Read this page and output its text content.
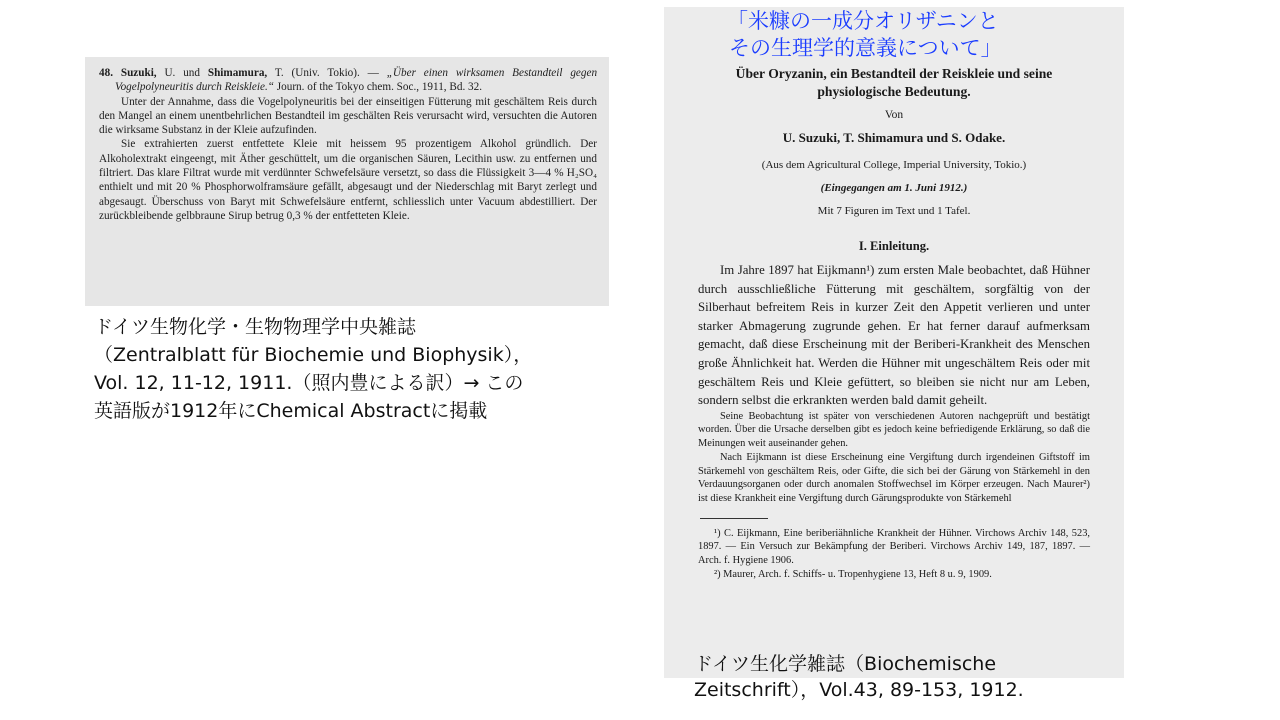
48. Suzuki, U. und Shimamura, T. (Univ. Tokio). — „Über einen wirksamen Bestandteil gegen Vogelpolyneuritis durch Reiskleie.“ Journ. of the Tokyo chem. Soc., 1911, Bd. 32.

Unter der Annahme, dass die Vogelpolyneuritis bei der einseitigen Fütterung mit geschältem Reis durch den Mangel an einem unentbehrlichen Bestandteil im geschälten Reis verursacht wird, versuchten die Autoren die wirksame Substanz in der Kleie aufzufinden.

Sie extrahierten zuerst entfettete Kleie mit heissem 95 prozentigem Alkohol gründlich. Der Alkoholextrakt eingeengt, mit Äther geschüttelt, um die organischen Säuren, Lecithin usw. zu entfernen und filtriert. Das klare Filtrat wurde mit verdünnter Schwefelsäure versetzt, so dass die Flüssigkeit 3—4 % H₂SO₄ enthielt und mit 20 % Phosphorwolframsäure gefällt, abgesaugt und der Niederschlag mit Baryt zerlegt und abgesaugt. Überschuss von Baryt mit Schwefelsäure entfernt, schliesslich unter Vacuum abdestilliert. Der zurückbleibende gelbbraune Sirup betrug 0,3 % der entfetteten Kleie.

ドイツ生物化学・生物物理学中央雑誌
（Zentralblatt für Biochemie und Biophysik），
Vol. 12, 11-12, 1911.（照内豊による訳）→ この
英語版が1912年にChemical Abstractに掲載
Über Oryzanin, ein Bestandteil der Reiskleie und seine
physiologische Bedeutung.
Von
U. Suzuki, T. Shimamura und S. Odake.
(Aus dem Agricultural College, Imperial University, Tokio.)
(Eingegangen am 1. Juni 1912.)
Mit 7 Figuren im Text und 1 Tafel.
I. Einleitung.

Im Jahre 1897 hat Eijkmann¹) zum ersten Male beobachtet, daß Hühner durch ausschließliche Fütterung mit geschältem, sorgfältig von der Silberhaut befreitem Reis in kurzer Zeit den Appetit verlieren und unter starker Abmagerung zugrunde gehen. Er hat ferner darauf aufmerksam gemacht, daß diese Erscheinung mit der Beriberi-Krankheit des Menschen große Ähnlichkeit hat. Werden die Hühner mit ungeschältem Reis oder mit geschältem Reis und Kleie gefüttert, so bleiben sie nicht nur am Leben, sondern selbst die erkrankten werden bald damit geheilt.

Seine Beobachtung ist später von verschiedenen Autoren nachgeprüft und bestätigt worden. Über die Ursache derselben gibt es jedoch keine befriedigende Erklärung, so daß die Meinungen weit auseinander gehen.

Nach Eijkmann ist diese Erscheinung eine Vergiftung durch irgendeinen Giftstoff im Stärkemehl von geschältem Reis, oder Gifte, die sich bei der Gärung von Stärkemehl in den Verdauungsorganen oder durch anomalen Stoffwechsel im Körper erzeugen. Nach Maurer²) ist diese Krankheit eine Vergiftung durch Gärungsprodukte von Stärkemehl

¹) C. Eijkmann, Eine beriberiähnliche Krankheit der Hühner. Virchows Archiv 148, 523, 1897. — Ein Versuch zur Bekämpfung der Beriberi. Virchows Archiv 149, 187, 1897. — Arch. f. Hygiene 1906.

²) Maurer, Arch. f. Schiffs- u. Tropenhygiene 13, Heft 8 u. 9, 1909.

「米糠の一成分オリザニンと
その生理学的意義について」
ドイツ生化学雑誌（Biochemische
Zeitschrift），Vol.43, 89-153, 1912.
